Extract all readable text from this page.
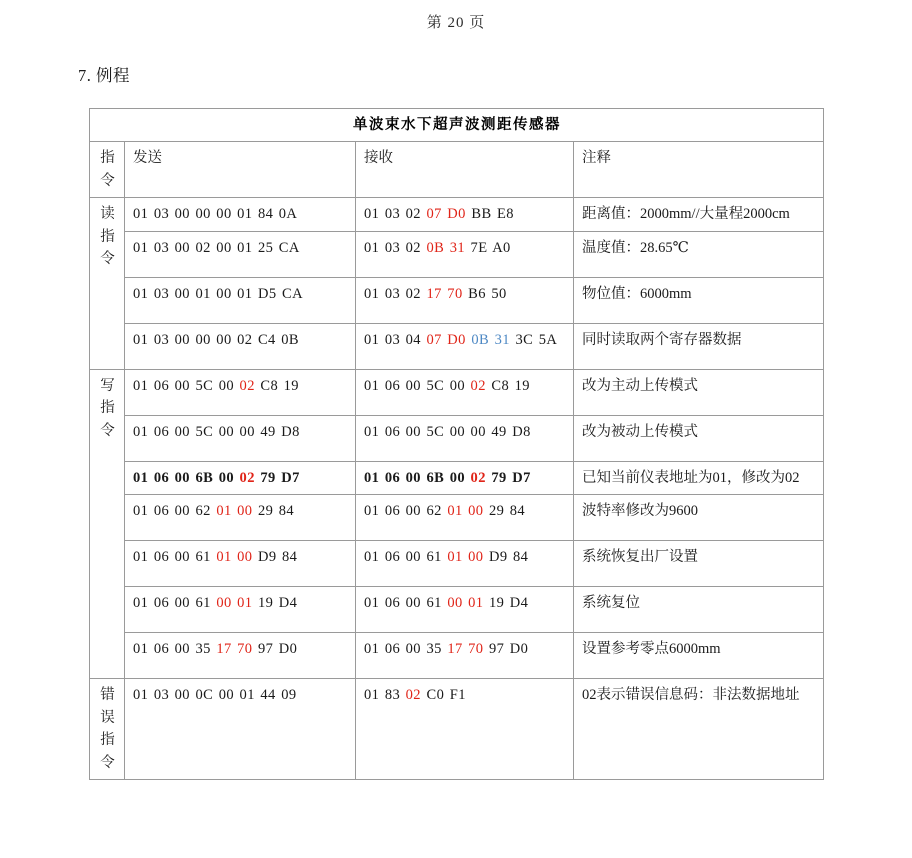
第 20 页
7. 例程
单波束水下超声波测距传感器			

指令	发送	接收	注释

读指令	01 03 00 00 00 01 84 0A	01 03 02 07 D0 BB E8	距离值：2000mm//大量程2000cm
	01 03 00 02 00 01 25 CA	01 03 02 0B 31 7E A0	温度值：28.65℃
	01 03 00 01 00 01 D5 CA	01 03 02 17 70 B6 50	物位值：6000mm
	01 03 00 00 00 02 C4 0B	01 03 04 07 D0 0B 31 3C 5A	同时读取两个寄存器数据

写指令	01 06 00 5C 00 02 C8 19	01 06 00 5C 00 02 C8 19	改为主动上传模式
	01 06 00 5C 00 00 49 D8	01 06 00 5C 00 00 49 D8	改为被动上传模式
	01 06 00 6B 00 02 79 D7	01 06 00 6B 00 02 79 D7	已知当前仪表地址为01，修改为02
	01 06 00 62 01 00 29 84	01 06 00 62 01 00 29 84	波特率修改为9600
	01 06 00 61 01 00 D9 84	01 06 00 61 01 00 D9 84	系统恢复出厂设置
	01 06 00 61 00 01 19 D4	01 06 00 61 00 01 19 D4	系统复位
	01 06 00 35 17 70 97 D0	01 06 00 35 17 70 97 D0	设置参考零点6000mm

错误指令	01 03 00 0C 00 01 44 09	01 83 02 C0 F1	02表示错误信息码：非法数据地址
